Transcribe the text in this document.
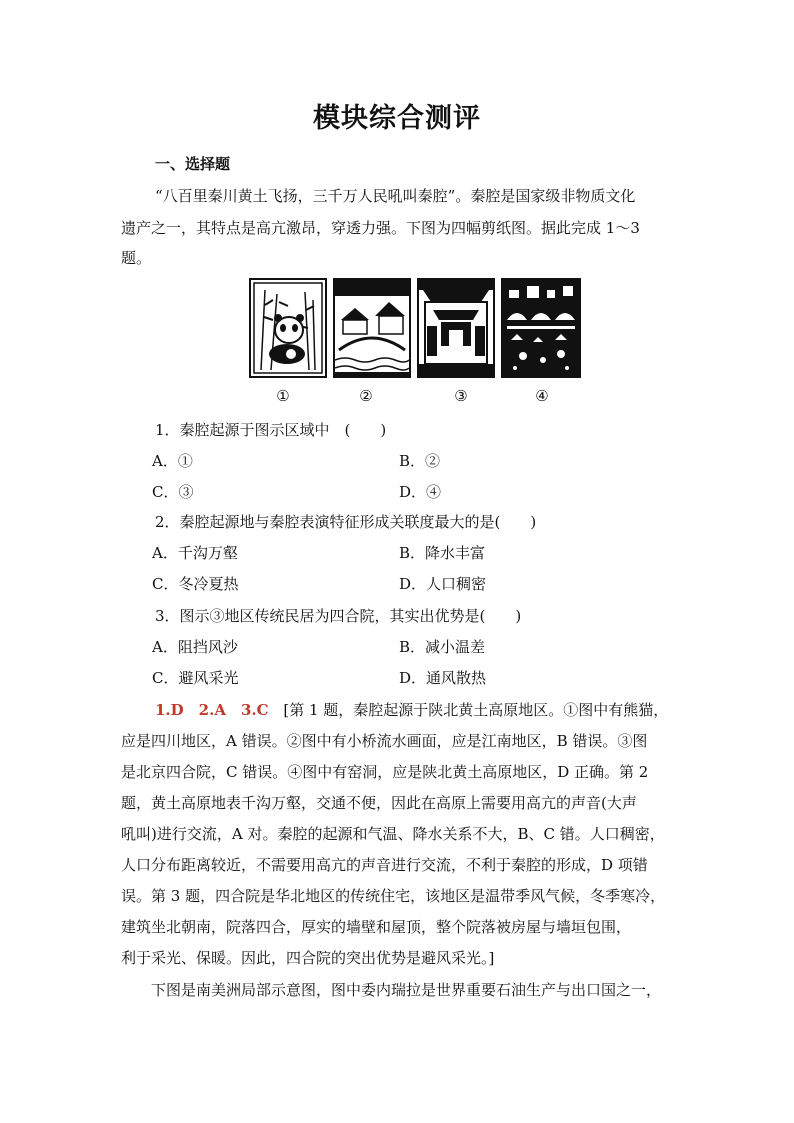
模块综合测评
一、选择题
“八百里秦川黄土飞扬，三千万人民吼叫秦腔”。秦腔是国家级非物质文化
遗产之一，其特点是高亢激昂，穿透力强。下图为四幅剪纸图。据此完成 1～3
题。
①	②	③	④
1．秦腔起源于图示区域中　(　　)
A．①	B．②
C．③	D．④
2．秦腔起源地与秦腔表演特征形成关联度最大的是(　　)
A．千沟万壑	B．降水丰富
C．冬冷夏热	D．人口稠密
3．图示③地区传统民居为四合院，其实出优势是(　　)
A．阻挡风沙	B．减小温差
C．避风采光	D．通风散热
1.D　2.A　3.C [第 1 题，秦腔起源于陕北黄土高原地区。①图中有熊猫，
应是四川地区，A 错误。②图中有小桥流水画面，应是江南地区，B 错误。③图
是北京四合院，C 错误。④图中有窑洞，应是陕北黄土高原地区，D 正确。第 2
题，黄土高原地表千沟万壑，交通不便，因此在高原上需要用高亢的声音(大声
吼叫)进行交流，A 对。秦腔的起源和气温、降水关系不大，B、C 错。人口稠密，
人口分布距离较近，不需要用高亢的声音进行交流，不利于秦腔的形成，D 项错
误。第 3 题，四合院是华北地区的传统住宅，该地区是温带季风气候，冬季寒冷，
建筑坐北朝南，院落四合，厚实的墙壁和屋顶，整个院落被房屋与墙垣包围，
利于采光、保暖。因此，四合院的突出优势是避风采光。]
下图是南美洲局部示意图，图中委内瑞拉是世界重要石油生产与出口国之一，
